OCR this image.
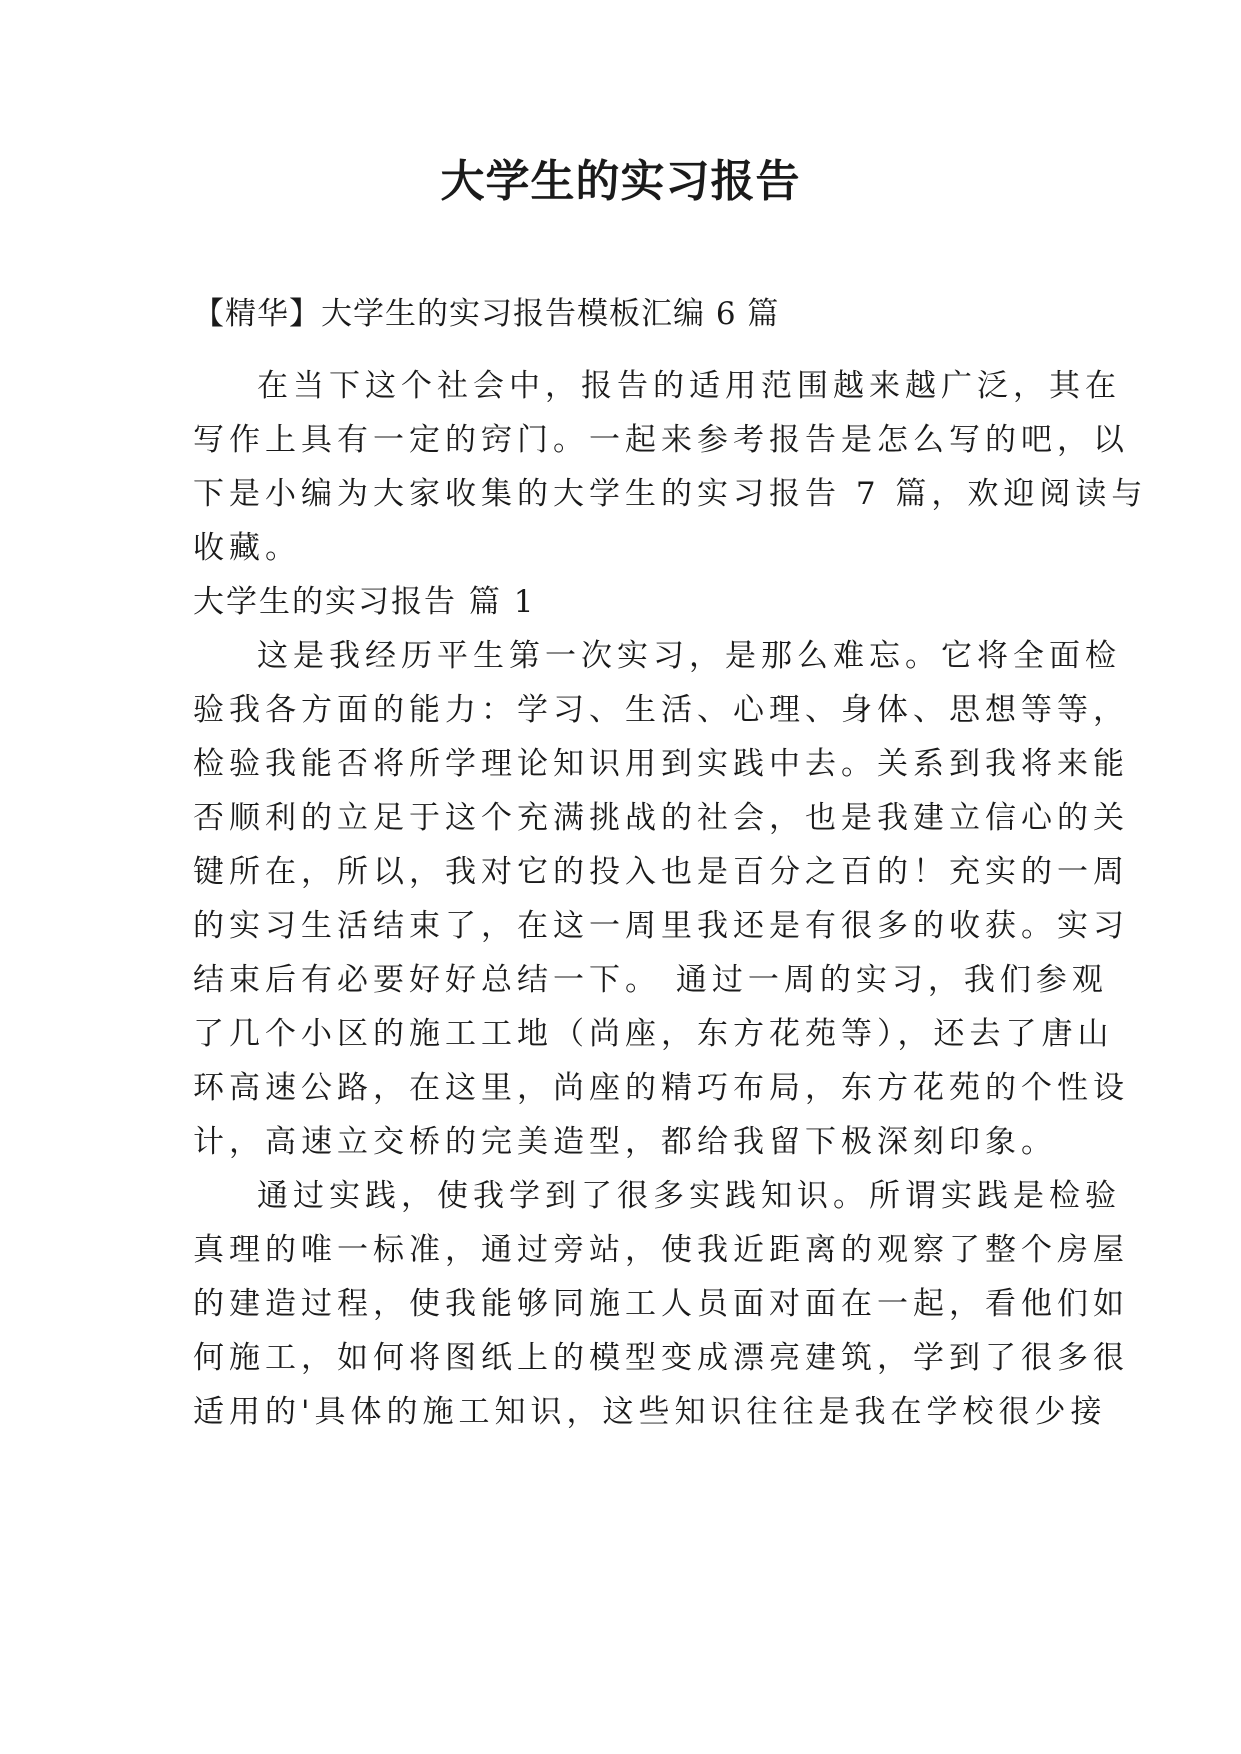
大学生的实习报告
【精华】大学生的实习报告模板汇编 6 篇
在当下这个社会中，报告的适用范围越来越广泛，其在
写作上具有一定的窍门。一起来参考报告是怎么写的吧，以
下是小编为大家收集的大学生的实习报告 7 篇，欢迎阅读与
收藏。
大学生的实习报告 篇 1
这是我经历平生第一次实习，是那么难忘。它将全面检
验我各方面的能力：学习、生活、心理、身体、思想等等，
检验我能否将所学理论知识用到实践中去。关系到我将来能
否顺利的立足于这个充满挑战的社会，也是我建立信心的关
键所在，所以，我对它的投入也是百分之百的！充实的一周
的实习生活结束了，在这一周里我还是有很多的收获。实习
结束后有必要好好总结一下。 通过一周的实习，我们参观
了几个小区的施工工地（尚座，东方花苑等），还去了唐山
环高速公路，在这里，尚座的精巧布局，东方花苑的个性设
计，高速立交桥的完美造型，都给我留下极深刻印象。
通过实践，使我学到了很多实践知识。所谓实践是检验
真理的唯一标准，通过旁站，使我近距离的观察了整个房屋
的建造过程，使我能够同施工人员面对面在一起，看他们如
何施工，如何将图纸上的模型变成漂亮建筑，学到了很多很
适用的'具体的施工知识，这些知识往往是我在学校很少接
